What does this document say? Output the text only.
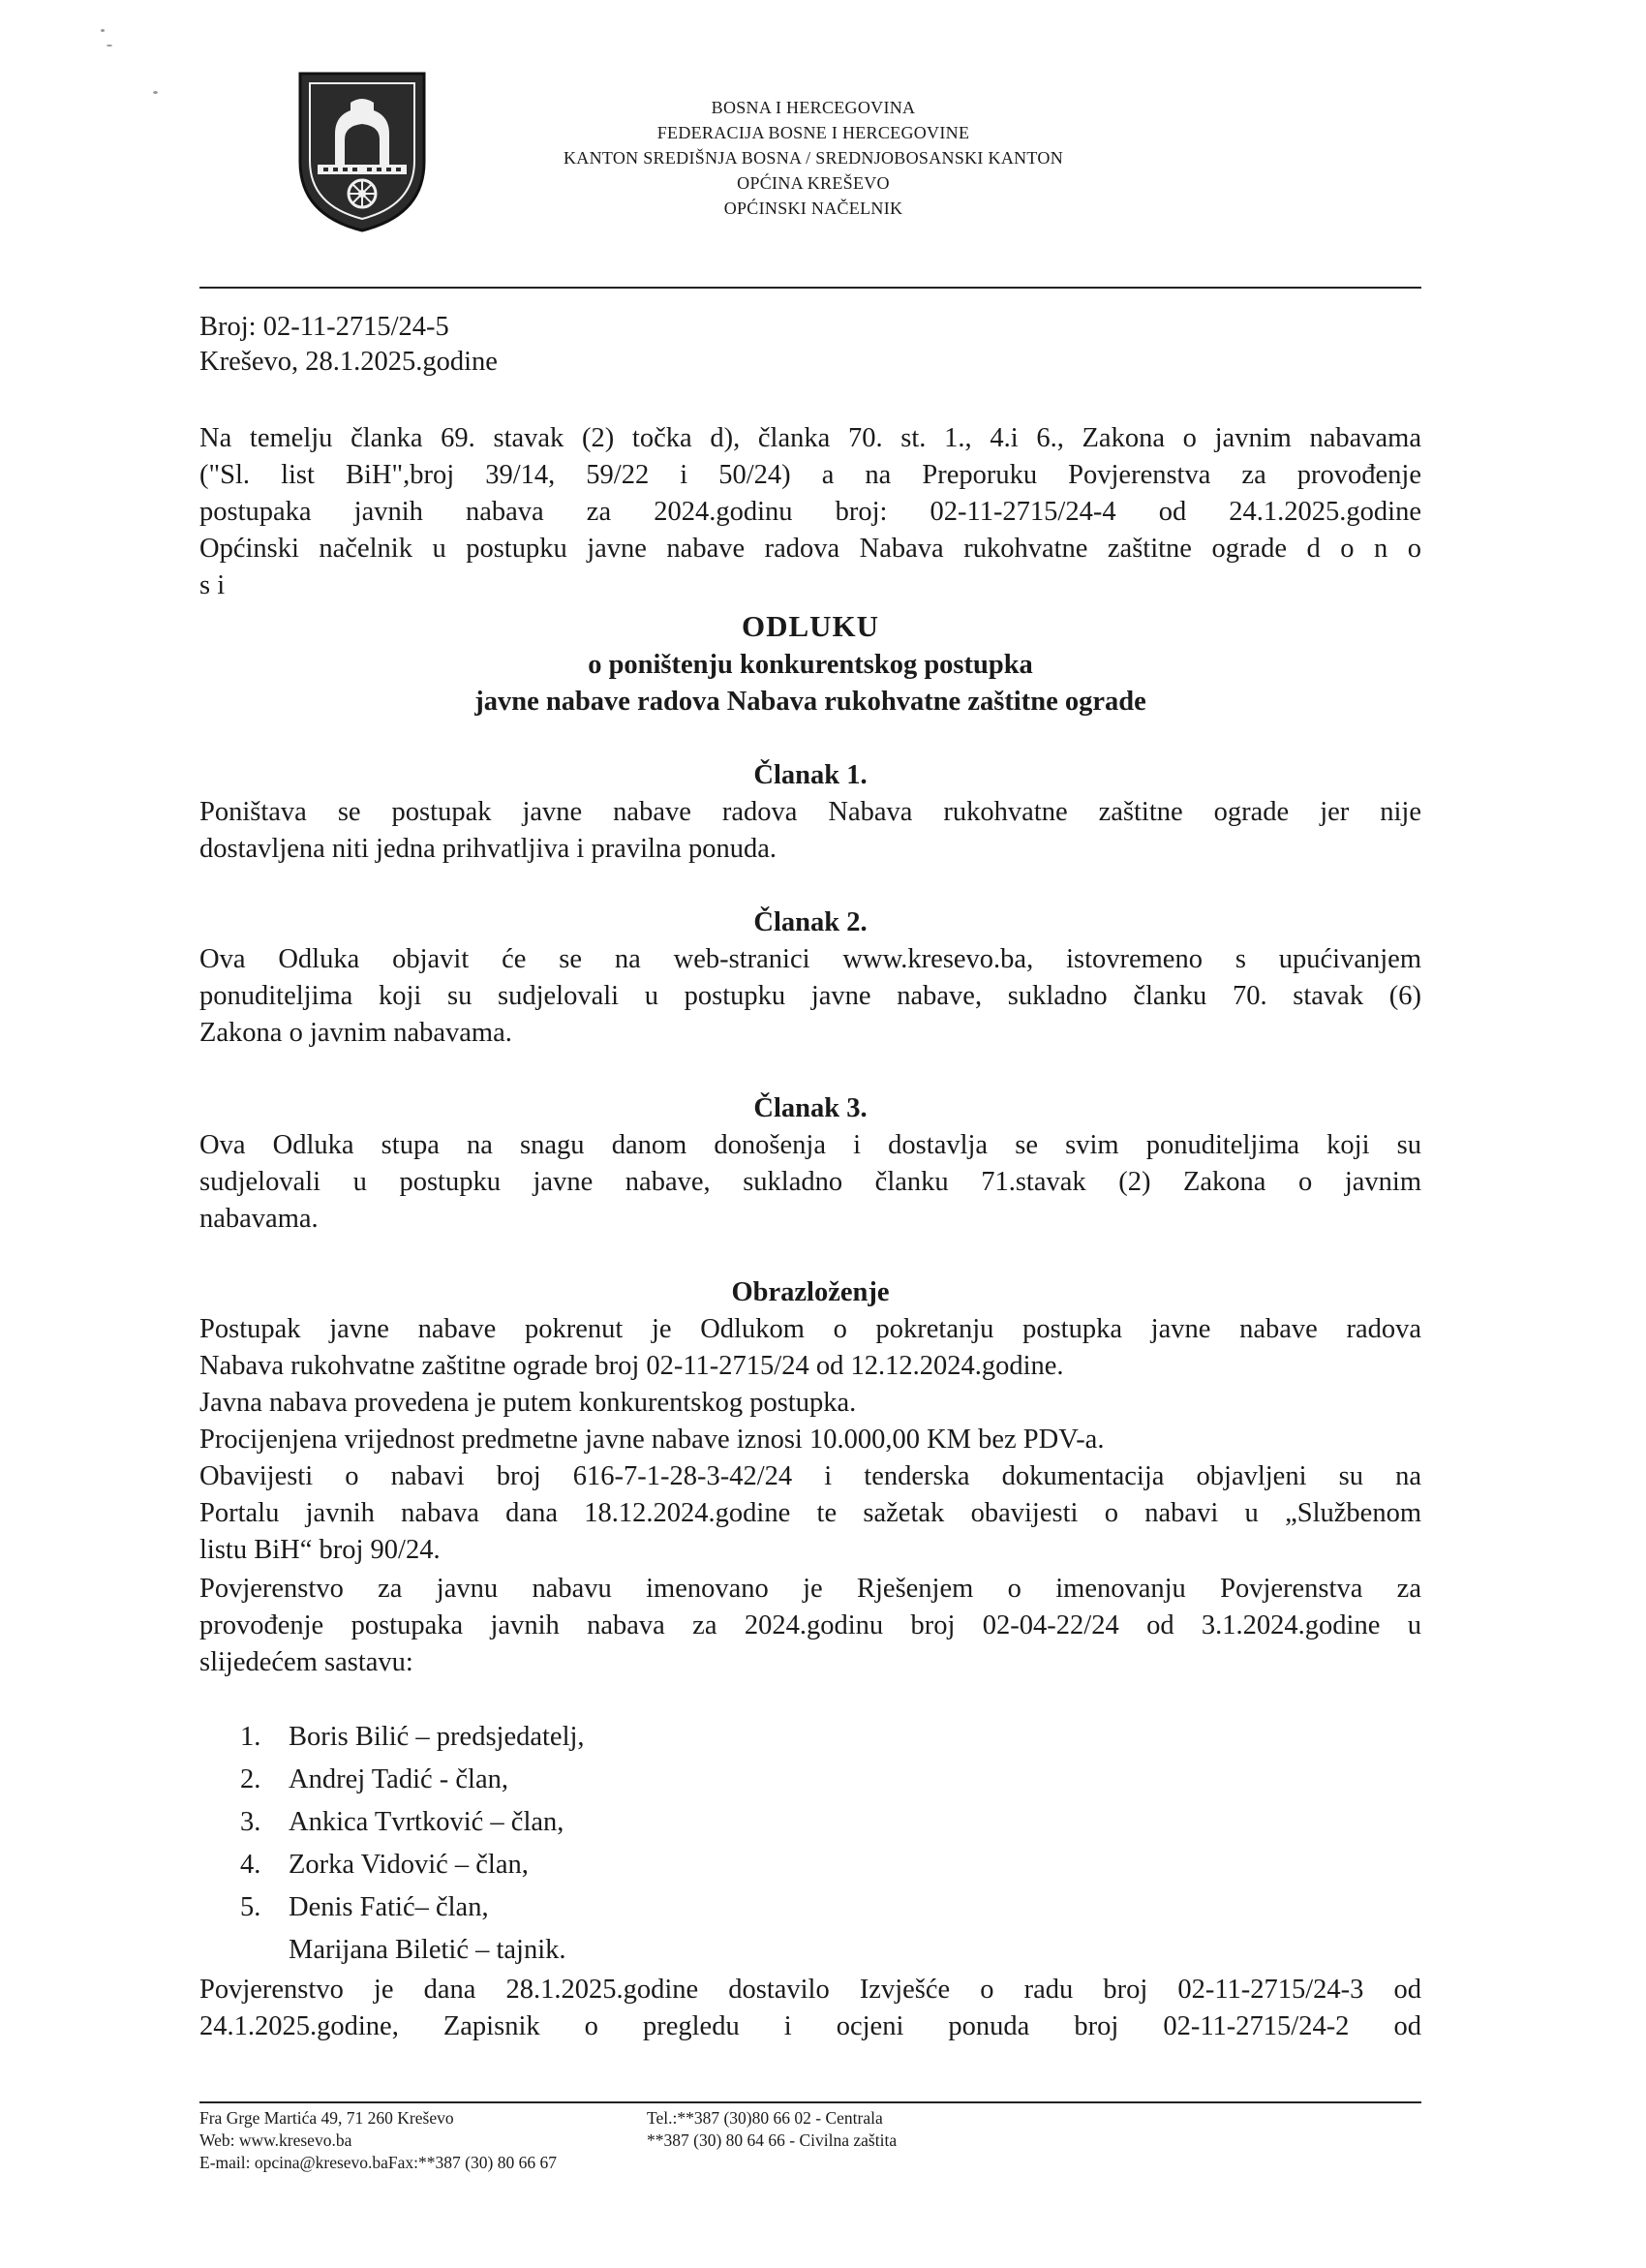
BOSNA I HERCEGOVINA
FEDERACIJA BOSNE I HERCEGOVINE
KANTON SREDIŠNJA BOSNA / SREDNJOBOSANSKI KANTON
OPĆINA KREŠEVO
OPĆINSKI NAČELNIK
Broj: 02-11-2715/24-5
Kreševo, 28.1.2025.godine
Na temelju članka 69. stavak (2) točka d), članka 70. st. 1., 4.i 6., Zakona o javnim nabavama
("Sl. list BiH",broj 39/14, 59/22 i 50/24) a na Preporuku Povjerenstva za provođenje
postupaka javnih nabava za 2024.godinu broj: 02-11-2715/24-4 od 24.1.2025.godine
Općinski načelnik u postupku javne nabave radova Nabava rukohvatne zaštitne ograde d o n o
s i
ODLUKU
o poništenju konkurentskog postupka
javne nabave radova Nabava rukohvatne zaštitne ograde
Članak 1.
Poništava se postupak javne nabave radova Nabava rukohvatne zaštitne ograde jer nije
dostavljena niti jedna prihvatljiva i pravilna ponuda.
Članak 2.
Ova Odluka objavit će se na web-stranici www.kresevo.ba, istovremeno s upućivanjem
ponuditeljima koji su sudjelovali u postupku javne nabave, sukladno članku 70. stavak (6)
Zakona o javnim nabavama.
Članak 3.
Ova Odluka stupa na snagu danom donošenja i dostavlja se svim ponuditeljima koji su
sudjelovali u postupku javne nabave, sukladno članku 71.stavak (2) Zakona o javnim
nabavama.
Obrazloženje
Postupak javne nabave pokrenut je Odlukom o pokretanju postupka javne nabave radova
Nabava rukohvatne zaštitne ograde broj 02-11-2715/24 od 12.12.2024.godine.
Javna nabava provedena je putem konkurentskog postupka.
Procijenjena vrijednost predmetne javne nabave iznosi 10.000,00 KM bez PDV-a.
Obavijesti o nabavi broj 616-7-1-28-3-42/24 i tenderska dokumentacija objavljeni su na
Portalu javnih nabava dana 18.12.2024.godine te sažetak obavijesti o nabavi u „Službenom
listu BiH“ broj 90/24.
Povjerenstvo za javnu nabavu imenovano je Rješenjem o imenovanju Povjerenstva za
provođenje postupaka javnih nabava za 2024.godinu broj 02-04-22/24 od 3.1.2024.godine u
slijedećem sastavu:
1. Boris Bilić – predsjedatelj,
2. Andrej Tadić - član,
3. Ankica Tvrtković – član,
4. Zorka Vidović – član,
5. Denis Fatić– član,
Marijana Biletić – tajnik.
Povjerenstvo je dana 28.1.2025.godine dostavilo Izvješće o radu broj 02-11-2715/24-3 od
24.1.2025.godine, Zapisnik o pregledu i ocjeni ponuda broj 02-11-2715/24-2 od
Fra Grge Martića 49, 71 260 Kreševo
Web: www.kresevo.ba
E-mail: opcina@kresevo.baFax:**387 (30) 80 66 67
Tel.:**387 (30)80 66 02 - Centrala
**387 (30) 80 64 66 - Civilna zaštita
